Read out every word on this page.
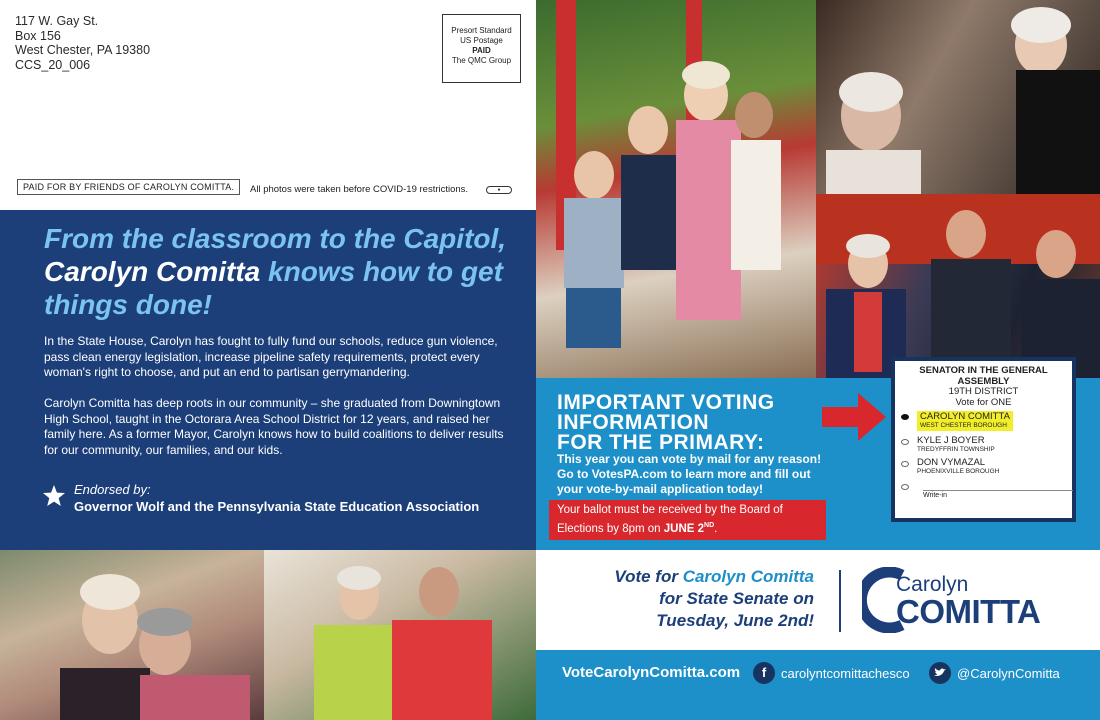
117 W. Gay St.
Box 156
West Chester, PA 19380
CCS_20_006
Presort Standard
US Postage
PAID
The QMC Group
PAID FOR BY FRIENDS OF CAROLYN COMITTA.	All photos were taken before COVID-19 restrictions.	●
From the classroom to the Capitol, Carolyn Comitta knows how to get things done!

In the State House, Carolyn has fought to fully fund our schools, reduce gun violence, pass clean energy legislation, increase pipeline safety requirements, protect every woman's right to choose, and put an end to partisan gerrymandering.

Carolyn Comitta has deep roots in our community – she graduated from Downingtown High School, taught in the Octorara Area School District for 12 years, and raised her family here. As a former Mayor, Carolyn knows how to build coalitions to deliver results for our community, our families, and our kids.

Endorsed by:
Governor Wolf and the Pennsylvania State Education Association
IMPORTANT VOTING
INFORMATION
FOR THE PRIMARY:
This year you can vote by mail for any reason! Go to VotesPA.com to learn more and fill out your vote-by-mail application today!
Your ballot must be received by the Board of Elections by 8pm on JUNE 2ND.
SENATOR IN THE GENERAL
ASSEMBLY
19TH DISTRICT
Vote for ONE
CAROLYN COMITTA
WEST CHESTER BOROUGH
KYLE J BOYER
TREDYFFRIN TOWNSHIP
DON VYMAZAL
PHOENIXVILLE BOROUGH
Write-in
Vote for Carolyn Comitta
for State Senate on
Tuesday, June 2nd!
Carolyn
COMITTA
VoteCarolynComitta.com	f	carolyntcomittachesco	@CarolynComitta
